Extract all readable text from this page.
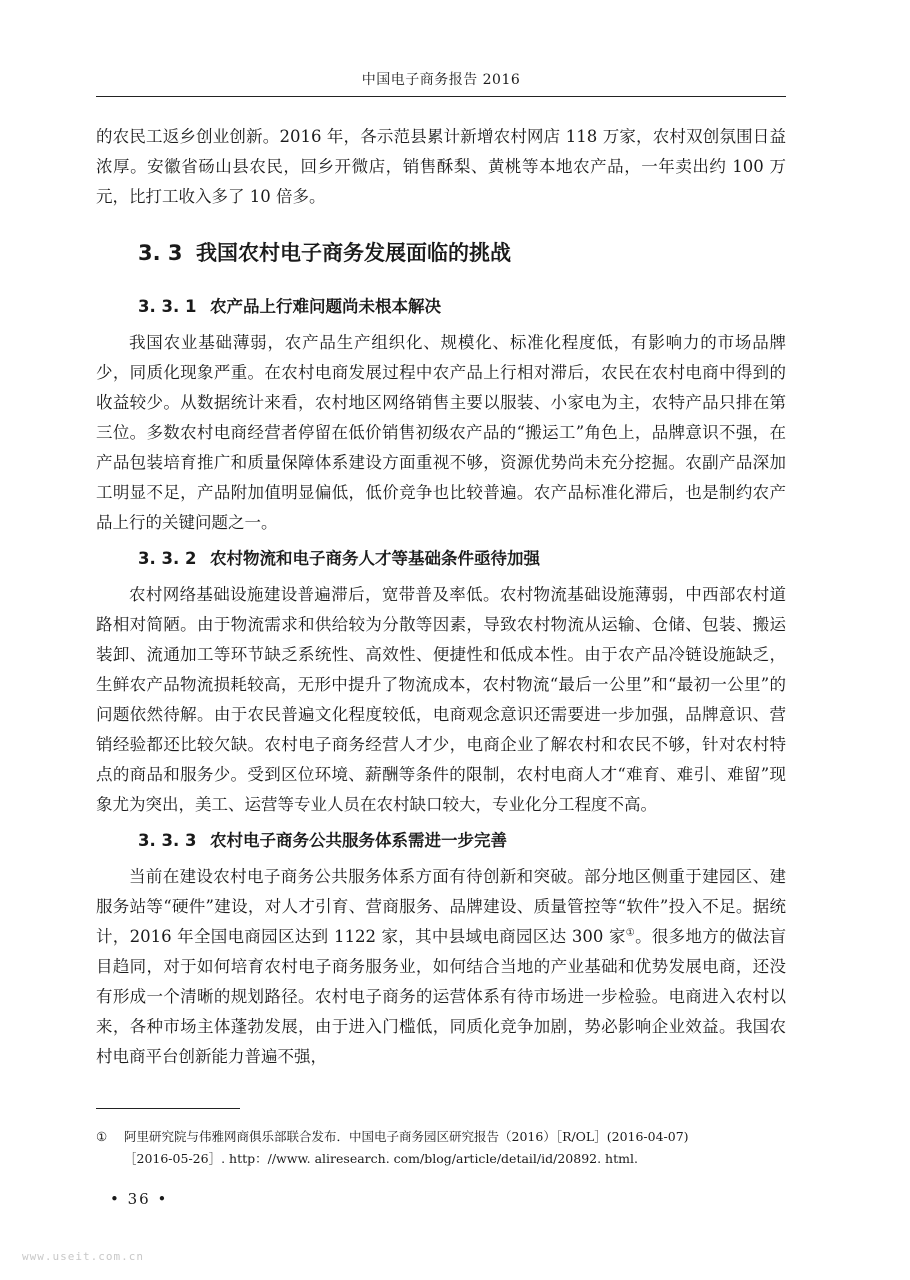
中国电子商务报告 2016

的农民工返乡创业创新。2016 年，各示范县累计新增农村网店 118 万家，农村双创氛围日益浓厚。安徽省砀山县农民，回乡开微店，销售酥梨、黄桃等本地农产品，一年卖出约 100 万元，比打工收入多了 10 倍多。

3. 3 我国农村电子商务发展面临的挑战
3. 3. 1 农产品上行难问题尚未根本解决

我国农业基础薄弱，农产品生产组织化、规模化、标准化程度低，有影响力的市场品牌少，同质化现象严重。在农村电商发展过程中农产品上行相对滞后，农民在农村电商中得到的收益较少。从数据统计来看，农村地区网络销售主要以服装、小家电为主，农特产品只排在第三位。多数农村电商经营者停留在低价销售初级农产品的“搬运工”角色上，品牌意识不强，在产品包装培育推广和质量保障体系建设方面重视不够，资源优势尚未充分挖掘。农副产品深加工明显不足，产品附加值明显偏低，低价竞争也比较普遍。农产品标准化滞后，也是制约农产品上行的关键问题之一。

3. 3. 2 农村物流和电子商务人才等基础条件亟待加强

农村网络基础设施建设普遍滞后，宽带普及率低。农村物流基础设施薄弱，中西部农村道路相对简陋。由于物流需求和供给较为分散等因素，导致农村物流从运输、仓储、包装、搬运装卸、流通加工等环节缺乏系统性、高效性、便捷性和低成本性。由于农产品冷链设施缺乏，生鲜农产品物流损耗较高，无形中提升了物流成本，农村物流“最后一公里”和“最初一公里”的问题依然待解。由于农民普遍文化程度较低，电商观念意识还需要进一步加强，品牌意识、营销经验都还比较欠缺。农村电子商务经营人才少，电商企业了解农村和农民不够，针对农村特点的商品和服务少。受到区位环境、薪酬等条件的限制，农村电商人才“难育、难引、难留”现象尤为突出，美工、运营等专业人员在农村缺口较大，专业化分工程度不高。

3. 3. 3 农村电子商务公共服务体系需进一步完善

当前在建设农村电子商务公共服务体系方面有待创新和突破。部分地区侧重于建园区、建服务站等“硬件”建设，对人才引育、营商服务、品牌建设、质量管控等“软件”投入不足。据统计，2016 年全国电商园区达到 1122 家，其中县域电商园区达 300 家①。很多地方的做法盲目趋同，对于如何培育农村电子商务服务业，如何结合当地的产业基础和优势发展电商，还没有形成一个清晰的规划路径。农村电子商务的运营体系有待市场进一步检验。电商进入农村以来，各种市场主体蓬勃发展，由于进入门槛低，同质化竞争加剧，势必影响企业效益。我国农村电商平台创新能力普遍不强，

①	阿里研究院与伟雅网商俱乐部联合发布．中国电子商务园区研究报告（2016）［R/OL］(2016-04-07)
［2016-05-26］. http：//www. aliresearch. com/blog/article/detail/id/20892. html.
• 36 •
www.useit.com.cn
